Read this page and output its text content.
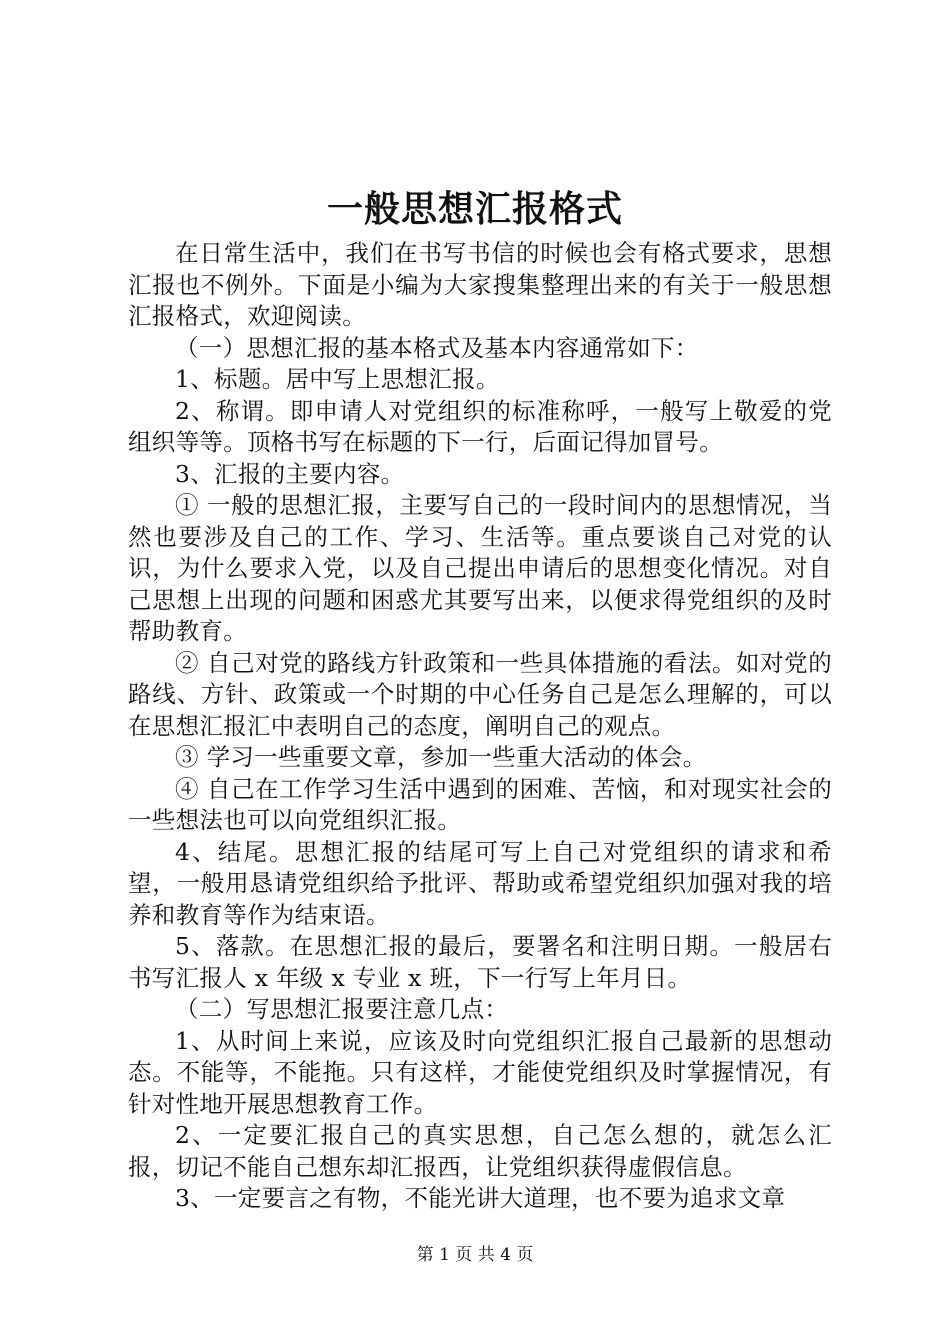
一般思想汇报格式

在日常生活中，我们在书写书信的时候也会有格式要求，思想汇报也不例外。下面是小编为大家搜集整理出来的有关于一般思想汇报格式，欢迎阅读。

（一）思想汇报的基本格式及基本内容通常如下：

1、标题。居中写上思想汇报。

2、称谓。即申请人对党组织的标准称呼，一般写上敬爱的党组织等等。顶格书写在标题的下一行，后面记得加冒号。

3、汇报的主要内容。

① 一般的思想汇报，主要写自己的一段时间内的思想情况，当然也要涉及自己的工作、学习、生活等。重点要谈自己对党的认识，为什么要求入党，以及自己提出申请后的思想变化情况。对自己思想上出现的问题和困惑尤其要写出来，以便求得党组织的及时帮助教育。

② 自己对党的路线方针政策和一些具体措施的看法。如对党的路线、方针、政策或一个时期的中心任务自己是怎么理解的，可以在思想汇报汇中表明自己的态度，阐明自己的观点。

③ 学习一些重要文章，参加一些重大活动的体会。

④ 自己在工作学习生活中遇到的困难、苦恼，和对现实社会的一些想法也可以向党组织汇报。

4、结尾。思想汇报的结尾可写上自己对党组织的请求和希望，一般用恳请党组织给予批评、帮助或希望党组织加强对我的培养和教育等作为结束语。

5、落款。在思想汇报的最后，要署名和注明日期。一般居右书写汇报人 x 年级 x 专业 x 班，下一行写上年月日。

（二）写思想汇报要注意几点：

1、从时间上来说，应该及时向党组织汇报自己最新的思想动态。不能等，不能拖。只有这样，才能使党组织及时掌握情况，有针对性地开展思想教育工作。

2、一定要汇报自己的真实思想，自己怎么想的，就怎么汇报，切记不能自己想东却汇报西，让党组织获得虚假信息。

3、一定要言之有物，不能光讲大道理，也不要为追求文章

第 1 页 共 4 页
